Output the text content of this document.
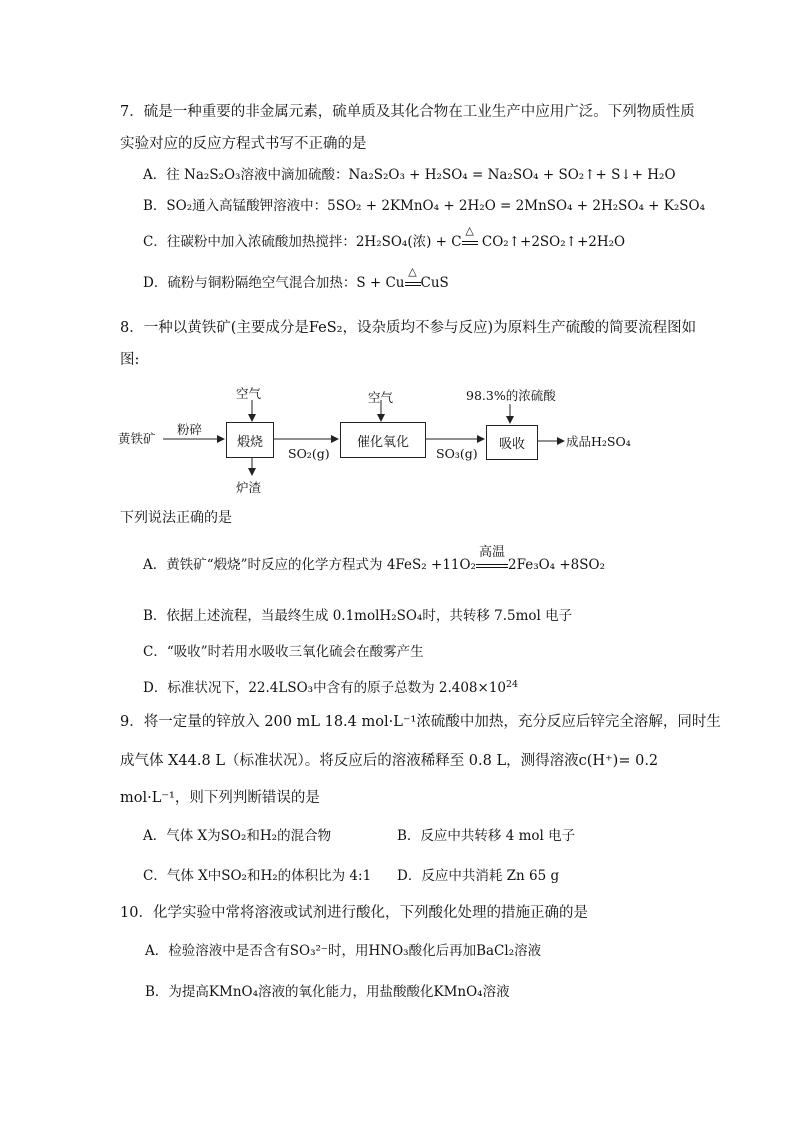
7．硫是一种重要的非金属元素，硫单质及其化合物在工业生产中应用广泛。下列物质性质
实验对应的反应方程式书写不正确的是
A．往 Na₂S₂O₃溶液中滴加硫酸：Na₂S₂O₃ + H₂SO₄ = Na₂SO₄ + SO₂↑+ S↓+ H₂O
B．SO₂通入高锰酸钾溶液中：5SO₂ + 2KMnO₄ + 2H₂O = 2MnSO₄ + 2H₂SO₄ + K₂SO₄
C．往碳粉中加入浓硫酸加热搅拌：2H₂SO₄(浓) + C
△
CO₂↑+2SO₂↑+2H₂O
D．硫粉与铜粉隔绝空气混合加热：S + Cu
△
CuS
8．一种以黄铁矿(主要成分是FeS₂，设杂质均不参与反应)为原料生产硫酸的简要流程图如
图:
黄铁矿
粉碎
空气
煅烧
炉渣
SO₂(g)
空气
催化氧化
SO₃(g)
98.3%的浓硫酸
吸收	成品H₂SO₄
下列说法正确的是
A．黄铁矿“煅烧”时反应的化学方程式为 4FeS₂ +11O₂
高温
2Fe₃O₄ +8SO₂
B．依据上述流程，当最终生成 0.1molH₂SO₄时，共转移 7.5mol 电子
C．“吸收”时若用水吸收三氧化硫会在酸雾产生
D．标准状况下，22.4LSO₃中含有的原子总数为 $2.408\times 10^{24}$
9．将一定量的锌放入 200 mL 18.4 mol·L⁻¹浓硫酸中加热，充分反应后锌完全溶解，同时生
成气体 X44.8 L（标准状况）。将反应后的溶液稀释至 0.8 L，测得溶液c(H⁺)= 0.2
mol·L⁻¹，则下列判断错误的是
A．气体 X为SO₂和H₂的混合物	B．反应中共转移 4 mol 电子
C．气体 X中SO₂和H₂的体积比为 4:1 D．反应中共消耗 Zn 65 g
10．化学实验中常将溶液或试剂进行酸化，下列酸化处理的措施正确的是
A．检验溶液中是否含有SO₃²⁻时，用HNO₃酸化后再加BaCl₂溶液
B．为提高KMnO₄溶液的氧化能力，用盐酸酸化KMnO₄溶液
